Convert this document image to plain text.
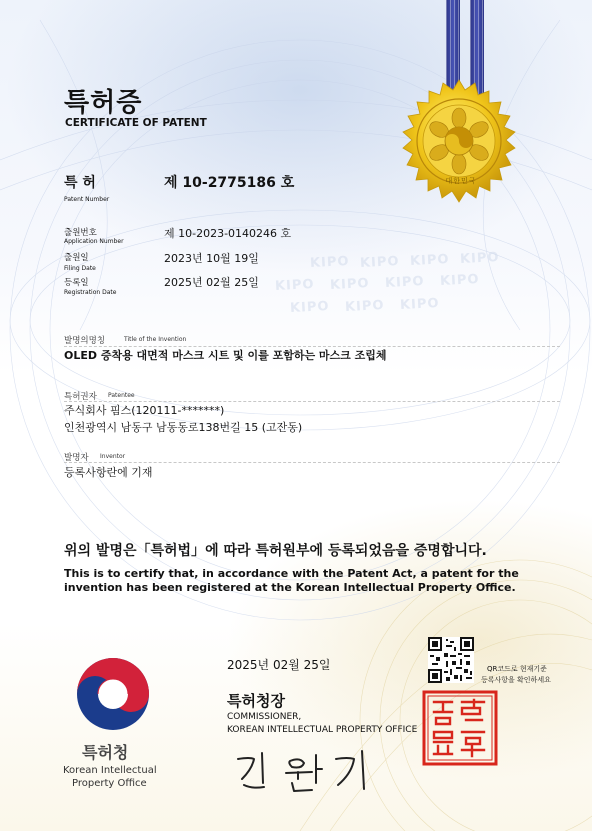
KIPO KIPO KIPO KIPO
KIPO KIPO KIPO KIPO
KIPO KIPO KIPO
대한민국
특허증
CERTIFICATE OF PATENT
특 허
Patent Number
제 10-2775186 호
출원번호
Application Number
제 10-2023-0140246 호
출원일
Filing Date
2023년 10월 19일
등록일
Registration Date
2025년 02월 25일
발명의명칭	Title of the Invention
OLED 증착용 대면적 마스크 시트 및 이를 포함하는 마스크 조립체
특허권자 Patentee
주식회사 핌스(120111-*******)
인천광역시 남동구 남동동로138번길 15 (고잔동)
발명자 Inventor
등록사항란에 기재
위의 발명은「특허법」에 따라 특허원부에 등록되었음을 증명합니다.
This is to certify that, in accordance with the Patent Act, a patent for the invention has been registered at the Korean Intellectual Property Office.
특허청
Korean Intellectual
Property Office
2025년 02월 25일
특허청장
COMMISSIONER,
KOREAN INTELLECTUAL PROPERTY OFFICE
QR코드로 현재기준
등록사항을 확인하세요
